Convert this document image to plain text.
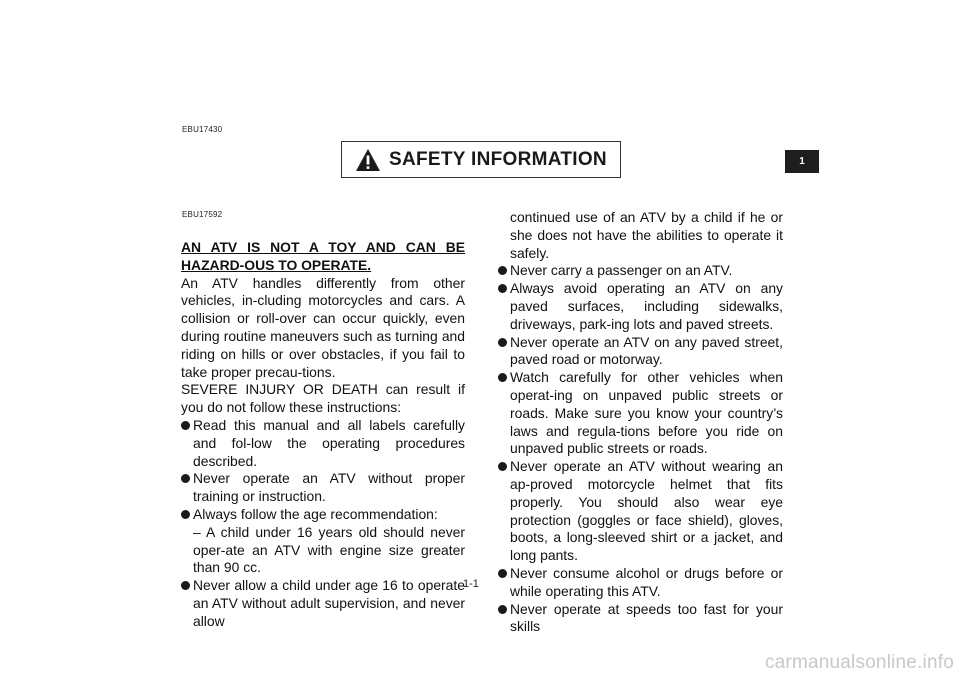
EBU17430
SAFETY INFORMATION	1
EBU17592
AN ATV IS NOT A TOY AND CAN BE HAZARD-OUS TO OPERATE.
An ATV handles differently from other vehicles, in-cluding motorcycles and cars. A collision or roll-over can occur quickly, even during routine maneuvers such as turning and riding on hills or over obstacles, if you fail to take proper precau-tions.
SEVERE INJURY OR DEATH can result if you do not follow these instructions:
Read this manual and all labels carefully and fol-low the operating procedures described.
Never operate an ATV without proper training or instruction.
Always follow the age recommendation:
– A child under 16 years old should never oper-ate an ATV with engine size greater than 90 cc.
Never allow a child under age 16 to operate an ATV without adult supervision, and never allow
continued use of an ATV by a child if he or she does not have the abilities to operate it safely.
Never carry a passenger on an ATV.
Always avoid operating an ATV on any paved surfaces, including sidewalks, driveways, park-ing lots and paved streets.
Never operate an ATV on any paved street, paved road or motorway.
Watch carefully for other vehicles when operat-ing on unpaved public streets or roads. Make sure you know your country’s laws and regula-tions before you ride on unpaved public streets or roads.
Never operate an ATV without wearing an ap-proved motorcycle helmet that fits properly. You should also wear eye protection (goggles or face shield), gloves, boots, a long-sleeved shirt or a jacket, and long pants.
Never consume alcohol or drugs before or while operating this ATV.
Never operate at speeds too fast for your skills
1-1
carmanualsonline.info
